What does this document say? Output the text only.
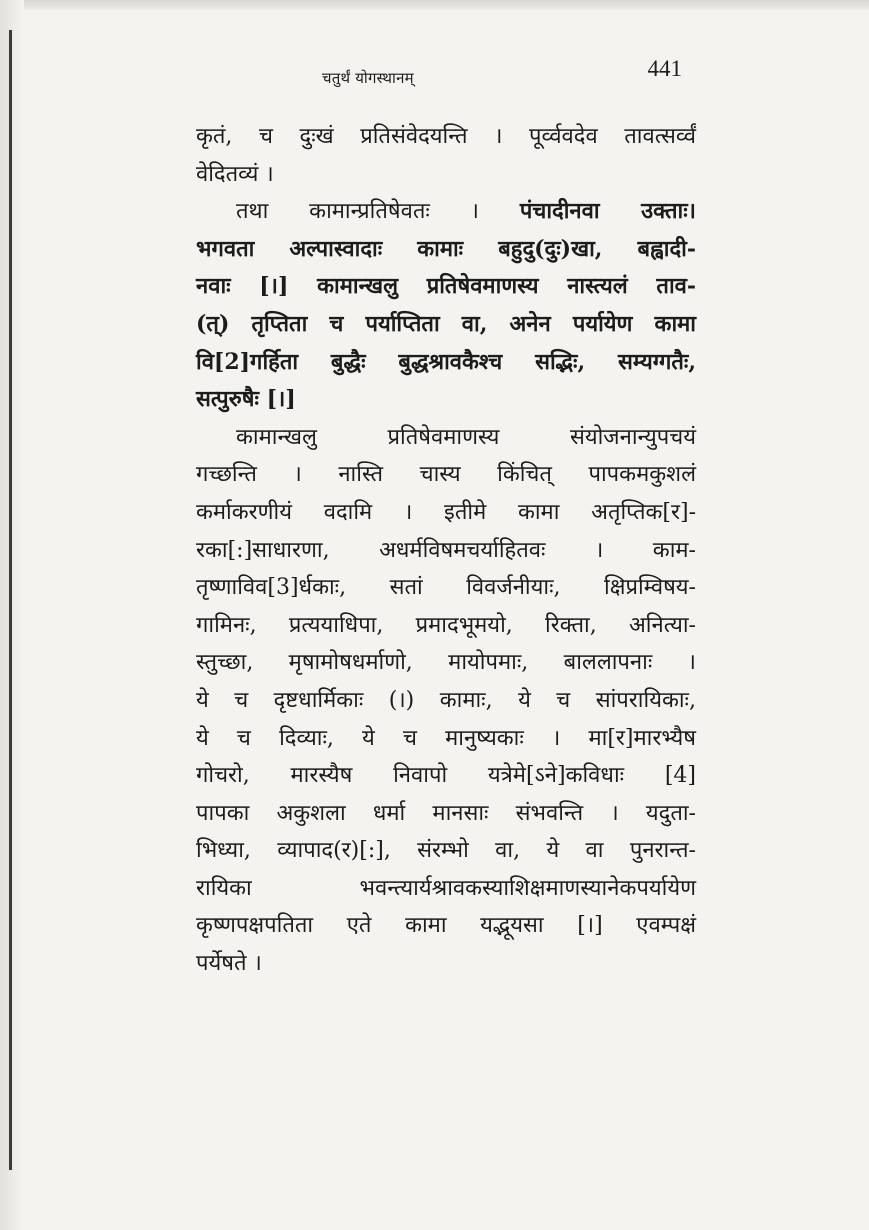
चतुर्थं योगस्थानम्	441
कृतं, च दुःखं प्रतिसंवेदयन्ति । पूर्व्ववदेव तावत्सर्व्वं
वेदितव्यं ।
तथा कामान्प्रतिषेवतः । पंचादीनवा उक्ताः।
भगवता अल्पास्वादाः कामाः बहुदु(दुः)खा, बह्वादी-
नवाः [।] कामान्खलु प्रतिषेवमाणस्य नास्त्यलं ताव-
(त्) तृप्तिता च पर्याप्तिता वा, अनेन पर्यायेण कामा
वि[2]गर्हिता बुद्धैः बुद्धश्रावकैश्च सद्भिः, सम्यग्गतैः,
सत्पुरुषैः [।]
कामान्खलु प्रतिषेवमाणस्य संयोजनान्युपचयं
गच्छन्ति । नास्ति चास्य किंचित् पापकमकुशलं
कर्माकरणीयं वदामि । इतीमे कामा अतृप्तिक[र]-
रका[:]साधारणा, अधर्मविषमचर्याहितवः । काम-
तृष्णाविव[3]र्धकाः, सतां विवर्जनीयाः, क्षिप्रम्विषय-
गामिनः, प्रत्ययाधिपा, प्रमादभूमयो, रिक्ता, अनित्या-
स्तुच्छा, मृषामोषधर्माणो, मायोपमाः, बाललापनाः ।
ये च दृष्टधार्मिकाः (।) कामाः, ये च सांपरायिकाः,
ये च दिव्याः, ये च मानुष्यकाः । मा[र]मारभ्यैष
गोचरो, मारस्यैष निवापो यत्रेमे[ऽने]कविधाः [4]
पापका अकुशला धर्मा मानसाः संभवन्ति । यदुता-
भिध्या, व्यापाद(र)[:], संरम्भो वा, ये वा पुनरान्त-
रायिका भवन्त्यार्यश्रावकस्याशिक्षमाणस्यानेकपर्यायेण
कृष्णपक्षपतिता एते कामा यद्भूयसा [।] एवम्पक्षं
पर्येषते ।
